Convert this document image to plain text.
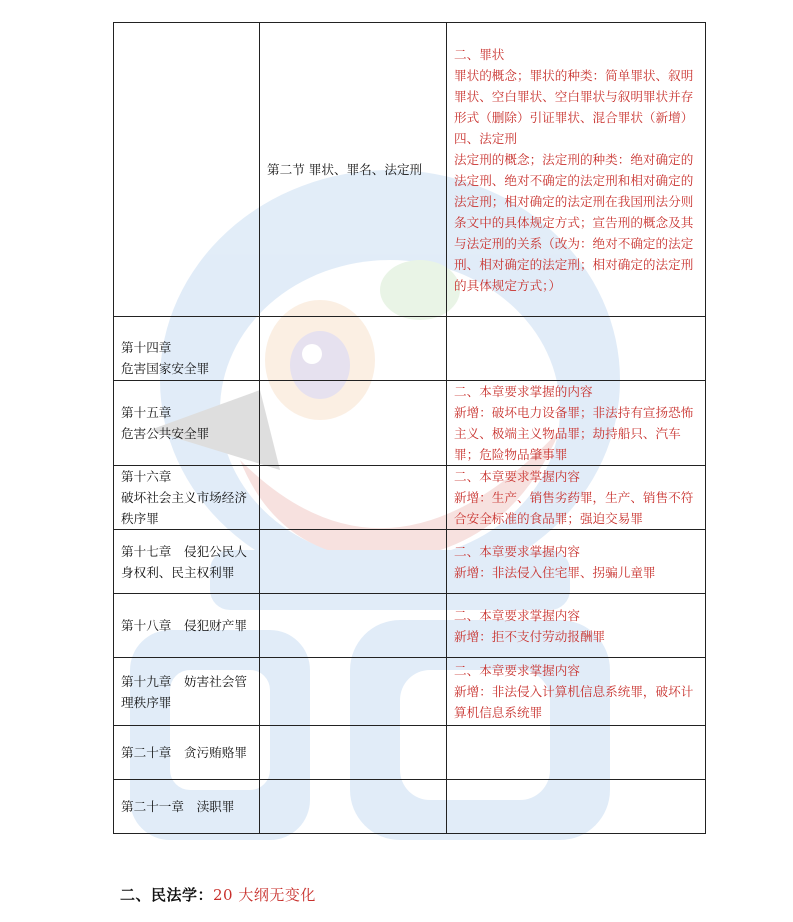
	第二节 罪状、罪名、法定刑	二、罪状
罪状的概念；罪状的种类：简单罪状、叙明罪状、空白罪状、空白罪状与叙明罪状并存形式（删除）引证罪状、混合罪状（新增）
四、法定刑
法定刑的概念；法定刑的种类：绝对确定的法定刑、绝对不确定的法定刑和相对确定的法定刑；相对确定的法定刑在我国刑法分则条文中的具体规定方式；宣告刑的概念及其与法定刑的关系（改为：绝对不确定的法定刑、相对确定的法定刑；相对确定的法定刑的具体规定方式；）

第十四章
危害国家安全罪		

第十五章
危害公共安全罪		二、本章要求掌握的内容
新增：破坏电力设备罪；非法持有宣扬恐怖主义、极端主义物品罪；劫持船只、汽车罪；危险物品肇事罪

第十六章
破坏社会主义市场经济秩序罪		二、本章要求掌握内容
新增：生产、销售劣药罪，生产、销售不符合安全标准的食品罪；强迫交易罪

第十七章　侵犯公民人身权利、民主权利罪		二、本章要求掌握内容
新增：非法侵入住宅罪、拐骗儿童罪

第十八章　侵犯财产罪		二、本章要求掌握内容
新增：拒不支付劳动报酬罪

第十九章　妨害社会管理秩序罪		二、本章要求掌握内容
新增：非法侵入计算机信息系统罪，破坏计算机信息系统罪

第二十章　贪污贿赂罪		

第二十一章　渎职罪		

二、民法学：20 大纲无变化
